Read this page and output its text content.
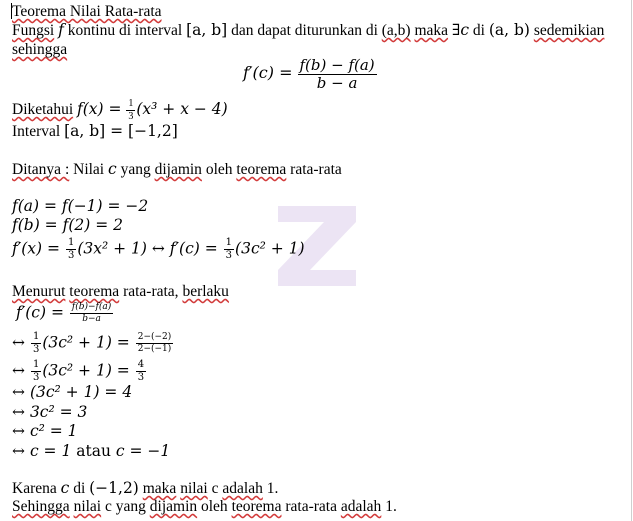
Teorema Nilai Rata-rata
Fungsi f kontinu di interval [a, b] dan dapat diturunkan di (a,b) maka ∃c di (a, b) sedemikian
sehingga
$f'(c) = \frac{f(b) - f(a)}{b - a}$
Diketahui $f(x) = \frac{1}{3} (x^3 + x - 4)$
Interval [a, b] = [−1,2]
Ditanya : Nilai c yang dijamin oleh teorema rata-rata
f(a) = f(−1) = −2
f(b) = f(2) = 2
$f'(x) = \frac{1}{3} (3x^2 + 1)$ ↔ $f'(c) = \frac{1}{3} (3c^2 + 1)$
Menurut teorema rata-rata, berlaku
$f'(c) = \frac{f(b)-f(a)}{b-a}$
↔ $\frac{1}{3} (3c^2 + 1) = \frac{2-(-2)}{2-(-1)}$
↔ $\frac{1}{3} (3c^2 + 1) = \frac{4}{3}$
↔ (3c² + 1) = 4
↔ 3c² = 3
↔ c² = 1
↔ c = 1 atau c = −1
Karena c di (−1,2) maka nilai c adalah 1.
Sehingga nilai c yang dijamin oleh teorema rata-rata adalah 1.
